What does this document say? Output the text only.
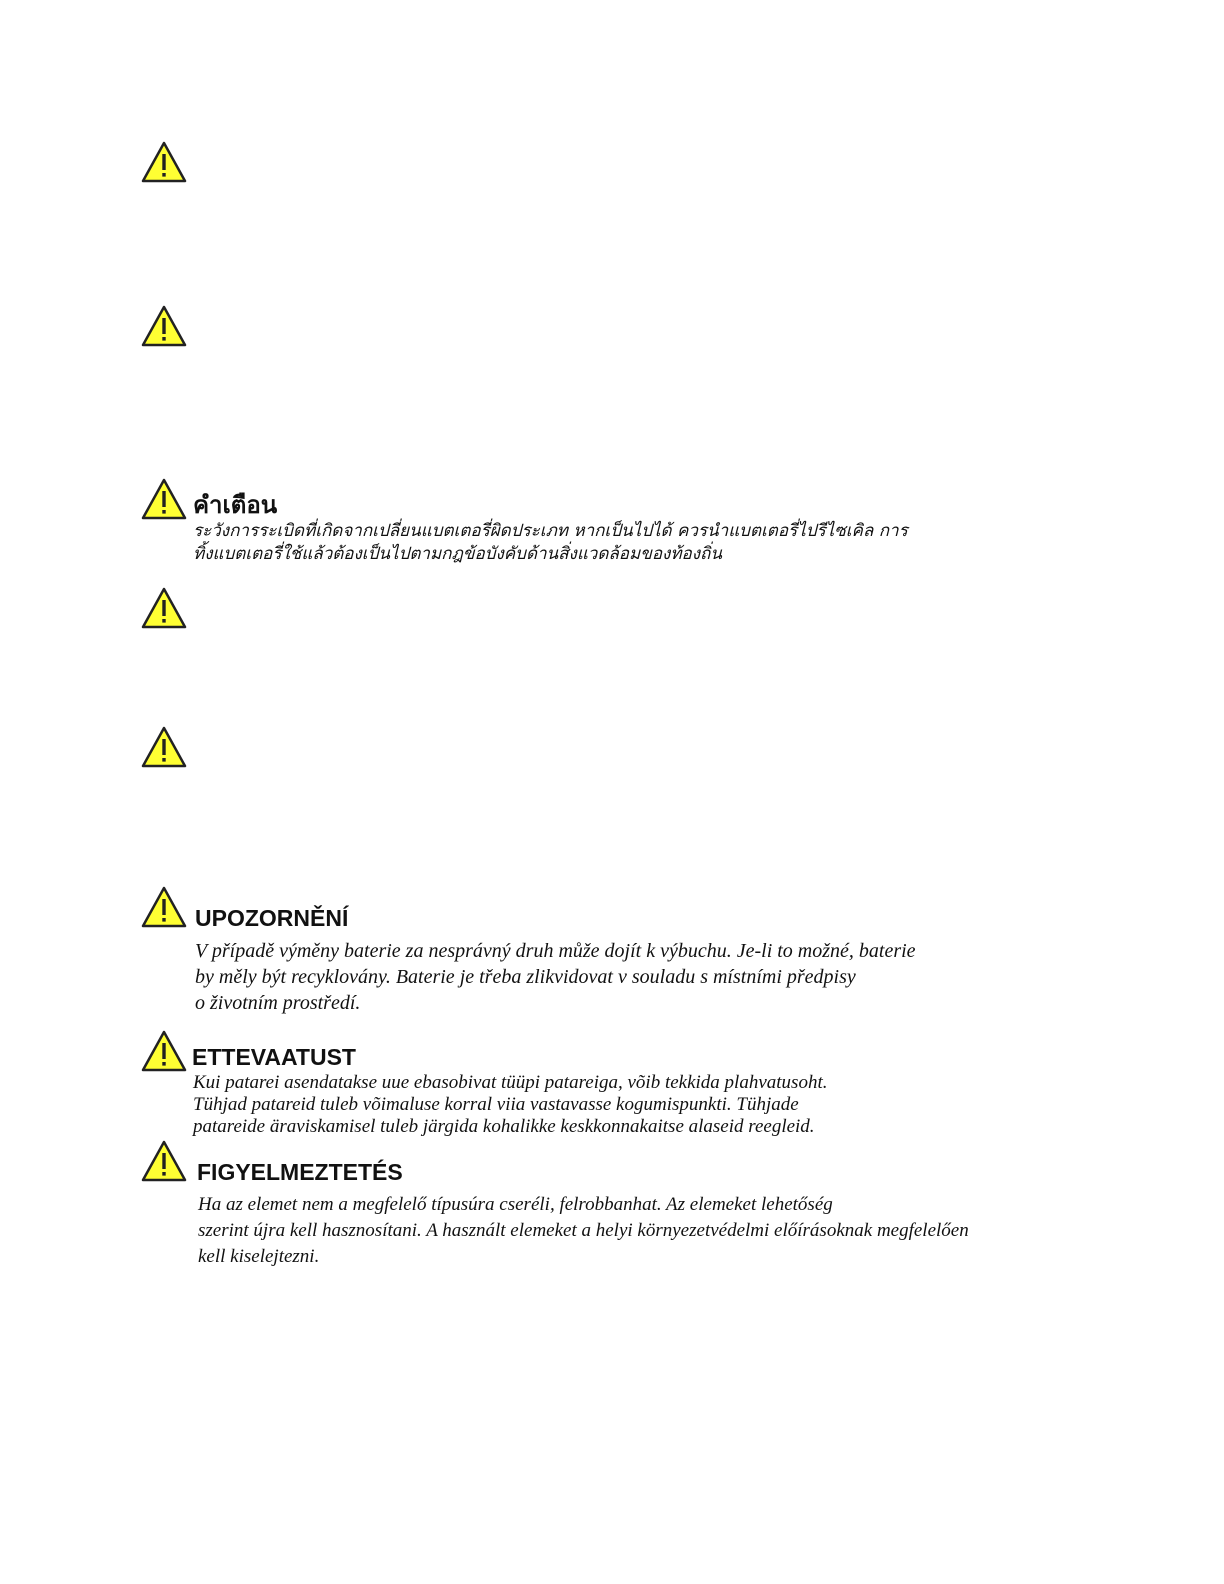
คำเตือน

ระวังการระเบิดที่เกิดจากเปลี่ยนแบตเตอรี่ผิดประเภท หากเป็นไปได้ ควรนำแบตเตอรี่ไปรีไซเคิล การ
ทิ้งแบตเตอรี่ใช้แล้วต้องเป็นไปตามกฎข้อบังคับด้านสิ่งแวดล้อมของท้องถิ่น

UPOZORNĚNÍ

V případě výměny baterie za nesprávný druh může dojít k výbuchu. Je-li to možné, baterie
by měly být recyklovány. Baterie je třeba zlikvidovat v souladu s místními předpisy
o životním prostředí.

ETTEVAATUST

Kui patarei asendatakse uue ebasobivat tüüpi patareiga, võib tekkida plahvatusoht.
Tühjad patareid tuleb võimaluse korral viia vastavasse kogumispunkti. Tühjade
patareide äraviskamisel tuleb järgida kohalikke keskkonnakaitse alaseid reegleid.

FIGYELMEZTETÉS

Ha az elemet nem a megfelelő típusúra cseréli, felrobbanhat. Az elemeket lehetőség
szerint újra kell hasznosítani. A használt elemeket a helyi környezetvédelmi előírásoknak megfelelően
kell kiselejtezni.
